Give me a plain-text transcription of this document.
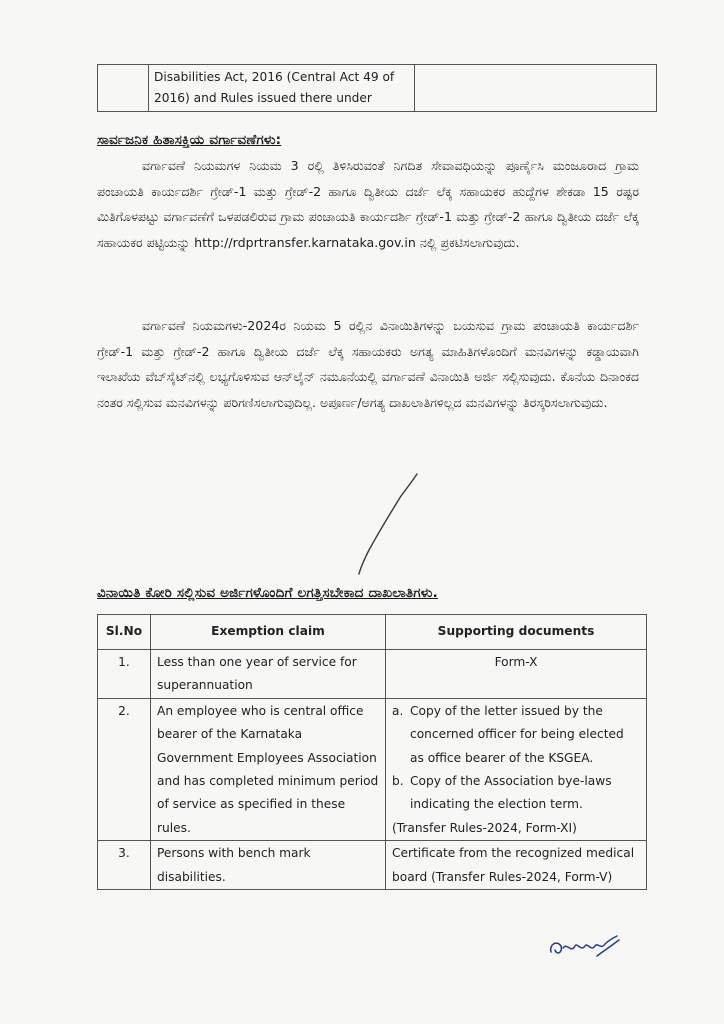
	Disabilities Act, 2016 (Central Act 49 of 2016) and Rules issued there under	
ಸಾರ್ವಜನಿಕ ಹಿತಾಸಕ್ತಿಯ ವರ್ಗಾವಣೆಗಳು:
ವರ್ಗಾವಣೆ ನಿಯಮಗಳ ನಿಯಮ 3 ರಲ್ಲಿ ತಿಳಿಸಿರುವಂತೆ ನಿಗದಿತ ಸೇವಾವಧಿಯನ್ನು ಪೂರ್ಣೈಸಿ ಮಂಜೂರಾದ ಗ್ರಾಮ ಪಂಚಾಯತಿ ಕಾರ್ಯದರ್ಶಿ ಗ್ರೇಡ್-1 ಮತ್ತು ಗ್ರೇಡ್-2 ಹಾಗೂ ದ್ವಿತೀಯ ದರ್ಜೆ ಲೆಕ್ಕ ಸಹಾಯಕರ ಹುದ್ದೆಗಳ ಶೇಕಡಾ 15 ರಷ್ಟರ ಮಿತಿಗೊಳಪಟ್ಟು ವರ್ಗಾವಣೆಗೆ ಒಳಪಡಲಿರುವ ಗ್ರಾಮ ಪಂಚಾಯತಿ ಕಾರ್ಯದರ್ಶಿ ಗ್ರೇಡ್-1 ಮತ್ತು ಗ್ರೇಡ್-2 ಹಾಗೂ ದ್ವಿತೀಯ ದರ್ಜೆ ಲೆಕ್ಕ ಸಹಾಯಕರ ಪಟ್ಟಿಯನ್ನು http://rdprtransfer.karnataka.gov.in ನಲ್ಲಿ ಪ್ರಕಟಿಸಲಾಗುವುದು.
ವರ್ಗಾವಣೆ ನಿಯಮಗಳು-2024ರ ನಿಯಮ 5 ರಲ್ಲಿನ ವಿನಾಯಿತಿಗಳನ್ನು ಬಯಸುವ ಗ್ರಾಮ ಪಂಚಾಯತಿ ಕಾರ್ಯದರ್ಶಿ ಗ್ರೇಡ್-1 ಮತ್ತು ಗ್ರೇಡ್-2 ಹಾಗೂ ದ್ವಿತೀಯ ದರ್ಜೆ ಲೆಕ್ಕ ಸಹಾಯಕರು ಅಗತ್ಯ ಮಾಹಿತಿಗಳೊಂದಿಗೆ ಮನವಿಗಳನ್ನು ಕಡ್ಡಾಯವಾಗಿ ಇಲಾಖೆಯ ವೆಬ್‌ಸೈಟ್‌ನಲ್ಲಿ ಲಭ್ಯಗೊಳಿಸುವ ಆನ್‌ಲೈನ್ ನಮೂನೆಯಲ್ಲಿ ವರ್ಗಾವಣೆ ವಿನಾಯಿತಿ ಅರ್ಜಿ ಸಲ್ಲಿಸುವುದು. ಕೊನೆಯ ದಿನಾಂಕದ ನಂತರ ಸಲ್ಲಿಸುವ ಮನವಿಗಳನ್ನು ಪರಿಗಣಿಸಲಾಗುವುದಿಲ್ಲ. ಅಪೂರ್ಣ/ಅಗತ್ಯ ದಾಖಲಾತಿಗಳಿಲ್ಲದ ಮನವಿಗಳನ್ನು ತಿರಸ್ಕರಿಸಲಾಗುವುದು.
ವಿನಾಯಿತಿ ಕೋರಿ ಸಲ್ಲಿಸುವ ಅರ್ಜಿಗಳೊಂದಿಗೆ ಲಗತ್ತಿಸಬೇಕಾದ ದಾಖಲಾತಿಗಳು.
Sl.No	Exemption claim	Supporting documents
1.	Less than one year of service for superannuation	Form-X
2.	An employee who is central office bearer of the Karnataka Government Employees Association and has completed minimum period of service as specified in these rules.	a. Copy of the letter issued by the concerned officer for being elected as office bearer of the KSGEA.
b. Copy of the Association bye-laws indicating the election term.
(Transfer Rules-2024, Form-XI)

3.	Persons with bench mark disabilities.	Certificate from the recognized medical board (Transfer Rules-2024, Form-V)
